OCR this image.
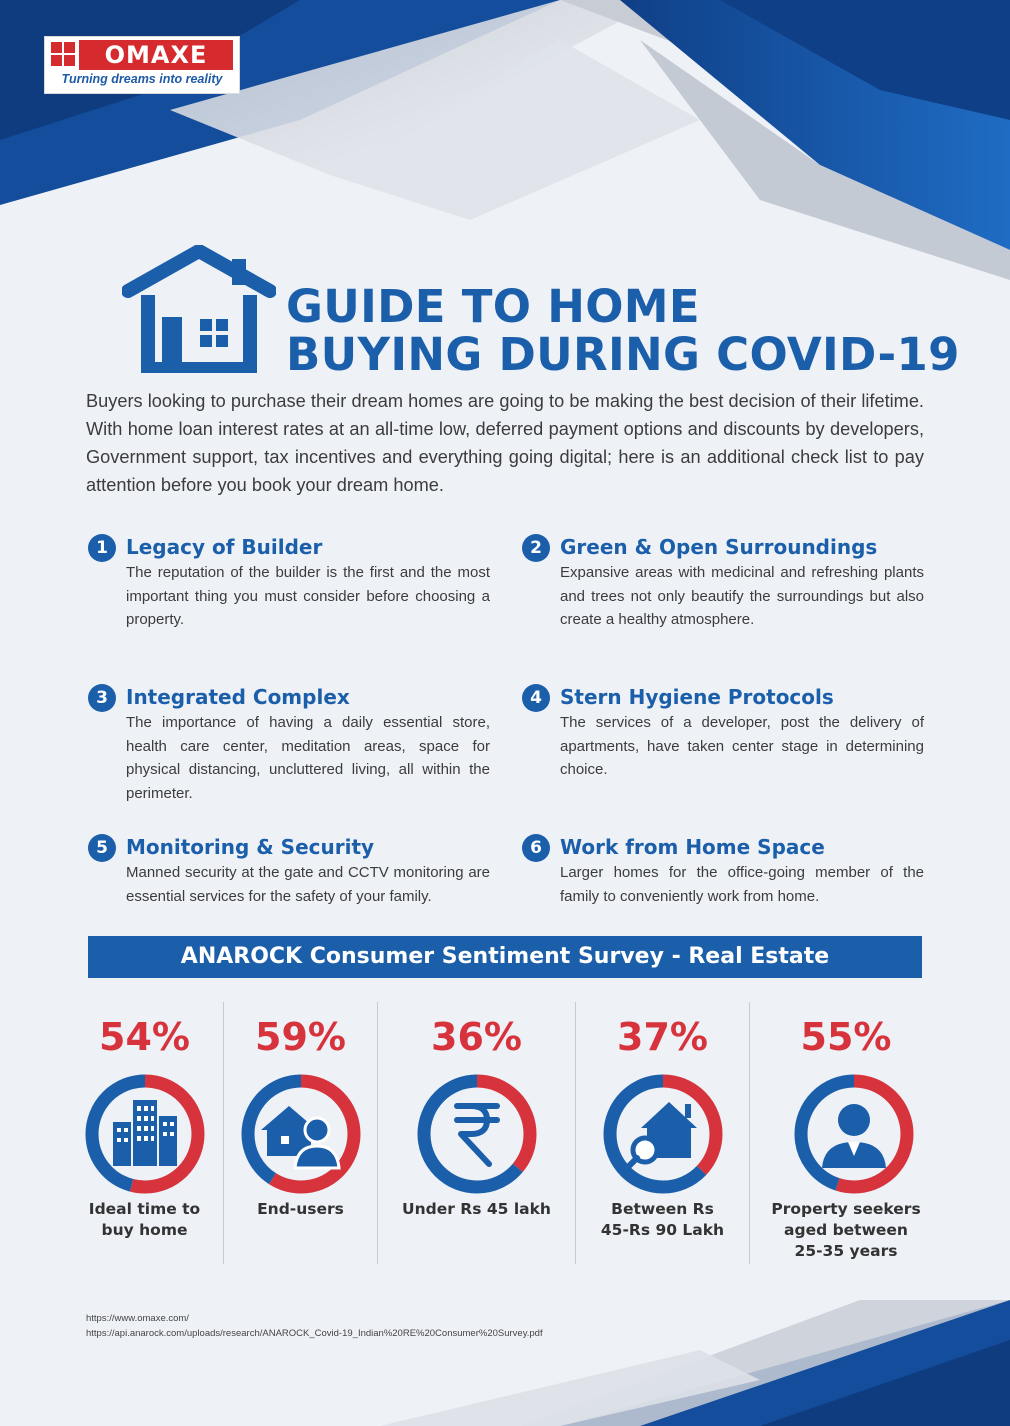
OMAXE
Turning dreams into reality
GUIDE TO HOME
BUYING DURING COVID-19

Buyers looking to purchase their dream homes are going to be making the best decision of their lifetime. With home loan interest rates at an all-time low, deferred payment options and discounts by developers, Government support, tax incentives and everything going digital; here is an additional check list to pay attention before you book your dream home.

1 Legacy of Builder

The reputation of the builder is the first and the most important thing you must consider before choosing a property.

2 Green & Open Surroundings

Expansive areas with medicinal and refreshing plants and trees not only beautify the surroundings but also create a healthy atmosphere.

3 Integrated Complex

The importance of having a daily essential store, health care center, meditation areas, space for physical distancing, uncluttered living, all within the perimeter.

4 Stern Hygiene Protocols

The services of a developer, post the delivery of apartments, have taken center stage in determining choice.

5 Monitoring & Security

Manned security at the gate and CCTV monitoring are essential services for the safety of your family.

6 Work from Home Space

Larger homes for the office-going member of the family to conveniently work from home.

ANAROCK Consumer Sentiment Survey - Real Estate
54%
Ideal time to
buy home
59%
End-users
36%
Under Rs 45 lakh
37%
Between Rs
45-Rs 90 Lakh
55%
Property seekers
aged between
25-35 years
https://www.omaxe.com/
https://api.anarock.com/uploads/research/ANAROCK_Covid-19_Indian%20RE%20Consumer%20Survey.pdf
